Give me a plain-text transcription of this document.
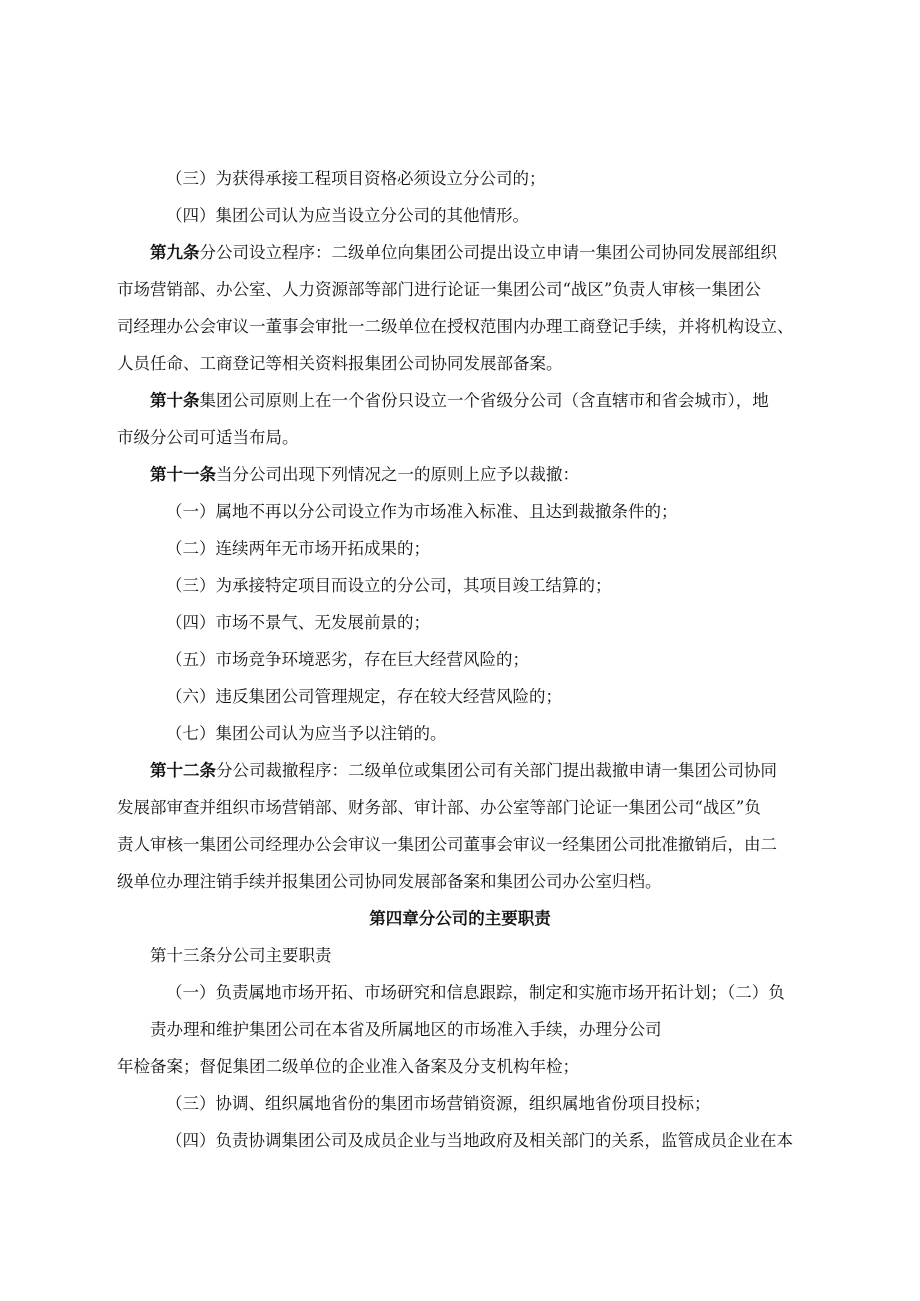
（三）为获得承接工程项目资格必须设立分公司的；

（四）集团公司认为应当设立分公司的其他情形。

第九条分公司设立程序：二级单位向集团公司提出设立申请一集团公司协同发展部组织

市场营销部、办公室、人力资源部等部门进行论证一集团公司“战区”负责人审核一集团公

司经理办公会审议一董事会审批一二级单位在授权范围内办理工商登记手续，并将机构设立、

人员任命、工商登记等相关资料报集团公司协同发展部备案。

第十条集团公司原则上在一个省份只设立一个省级分公司（含直辖市和省会城市），地

市级分公司可适当布局。

第十一条当分公司出现下列情况之一的原则上应予以裁撤：

（一）属地不再以分公司设立作为市场准入标准、且达到裁撤条件的；

（二）连续两年无市场开拓成果的；

（三）为承接特定项目而设立的分公司，其项目竣工结算的；

（四）市场不景气、无发展前景的；

（五）市场竞争环境恶劣，存在巨大经营风险的；

（六）违反集团公司管理规定，存在较大经营风险的；

（七）集团公司认为应当予以注销的。

第十二条分公司裁撤程序：二级单位或集团公司有关部门提出裁撤申请一集团公司协同

发展部审查并组织市场营销部、财务部、审计部、办公室等部门论证一集团公司“战区”负

责人审核一集团公司经理办公会审议一集团公司董事会审议一经集团公司批准撤销后，由二

级单位办理注销手续并报集团公司协同发展部备案和集团公司办公室归档。

第四章分公司的主要职责

第十三条分公司主要职责

（一）负责属地市场开拓、市场研究和信息跟踪，制定和实施市场开拓计划；（二）负

责办理和维护集团公司在本省及所属地区的市场准入手续，办理分公司

年检备案；督促集团二级单位的企业准入备案及分支机构年检；

（三）协调、组织属地省份的集团市场营销资源，组织属地省份项目投标；

（四）负责协调集团公司及成员企业与当地政府及相关部门的关系，监管成员企业在本
